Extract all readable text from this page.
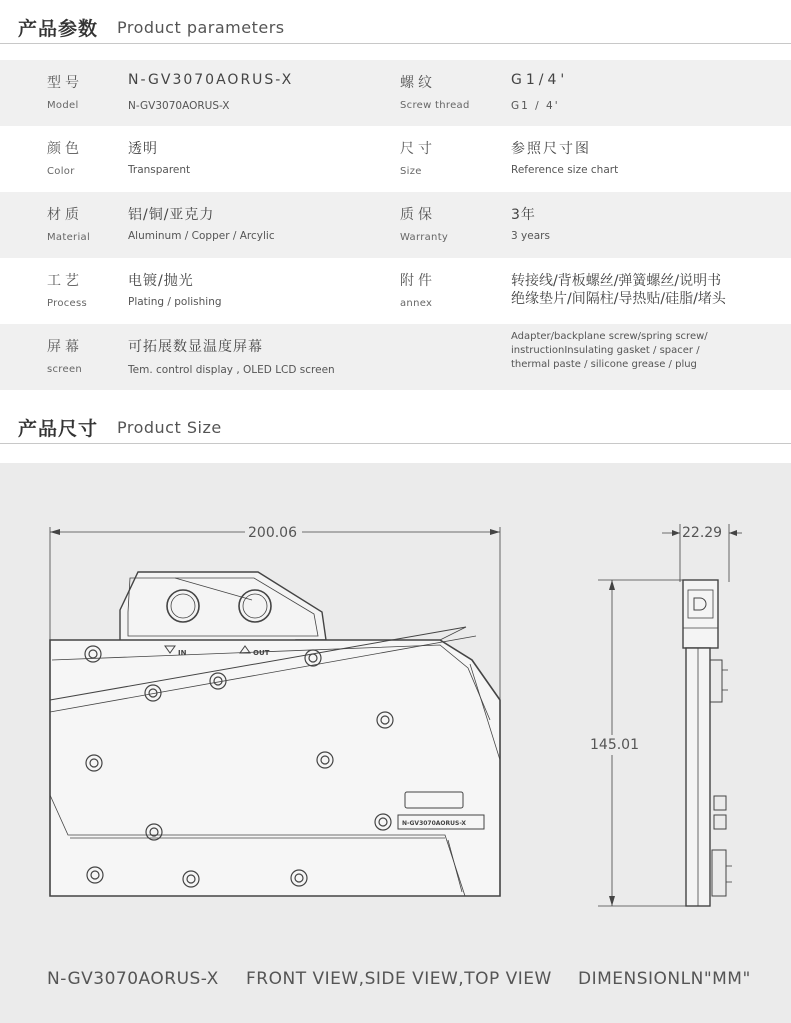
产品参数 Product parameters
型号
Model
N-GV3070AORUS-X
N-GV3070AORUS-X
螺纹
Screw thread
G1/4'
G1 / 4'
颜色
Color
透明
Transparent
尺寸
Size
参照尺寸图
Reference size chart
材质
Material
铝/铜/亚克力
Aluminum / Copper / Arcylic
质保
Warranty
3年
3 years
工艺
Process
电镀/抛光
Plating / polishing
附件
annex
转接线/背板螺丝/弹簧螺丝/说明书
绝缘垫片/间隔柱/导热贴/硅脂/堵头
屏幕
screen
可拓展数显温度屏幕
Tem. control display , OLED LCD screen
Adapter/backplane screw/spring screw/
instructionInsulating gasket / spacer /
thermal paste / silicone grease / plug
产品尺寸 Product Size
200.06
145.01
22.29
IN	OUT
N-GV3070AORUS-X
N-GV3070AORUS-X FRONT VIEW,SIDE VIEW,TOP VIEW DIMENSIONLN"MM"
